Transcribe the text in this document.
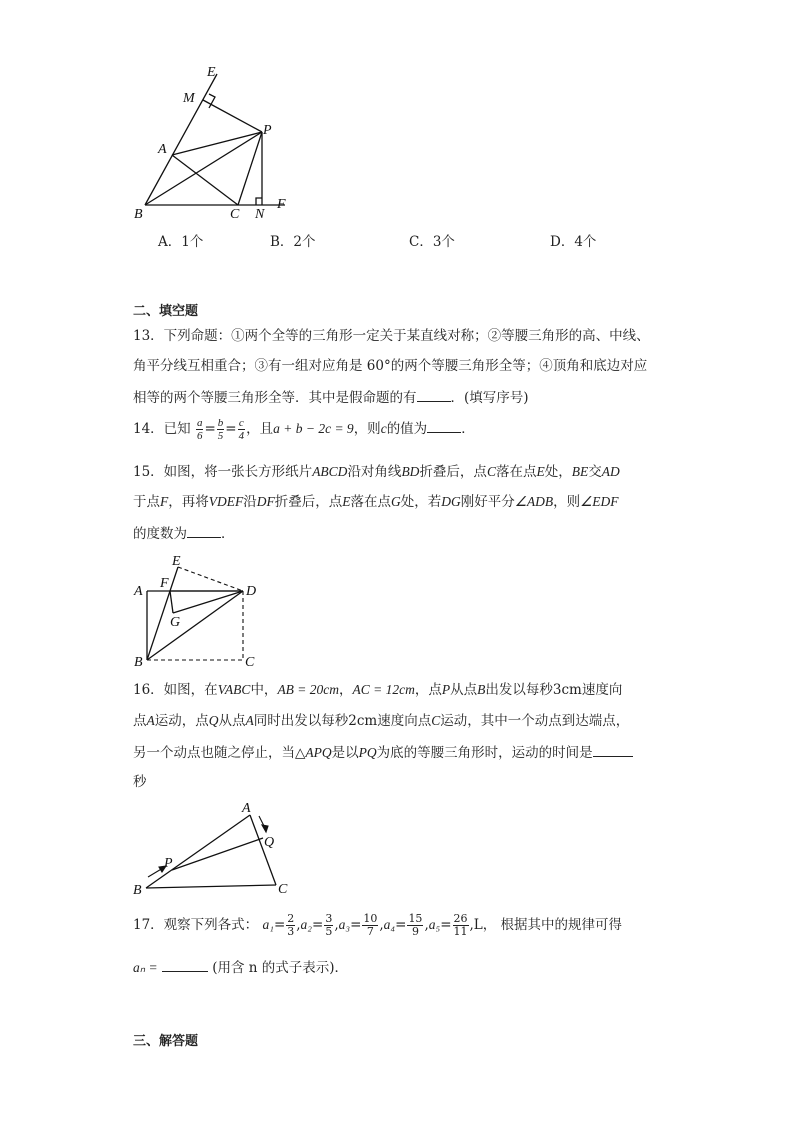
E
M
P
A
B	C N
F
A．1个	B．2个	C．3个	D．4个
二、填空题
13．下列命题：①两个全等的三角形一定关于某直线对称；②等腰三角形的高、中线、
角平分线互相重合；③有一组对应角是 60°的两个等腰三角形全等；④顶角和底边对应
相等的两个等腰三角形全等．其中是假命题的有	．(填写序号)
14．已知 $\frac{a}{6} = \frac{b}{5} = \frac{c}{4}$ ，且a + b − 2c = 9，则c的值为	．
15．如图，将一张长方形纸片ABCD沿对角线BD折叠后，点C落在点E处，BE交AD
于点F，再将VDEF沿DF折叠后，点E落在点G处，若DG刚好平分∠ADB，则∠EDF
的度数为	．
E
A
F
D
G
B	C
16．如图，在VABC中，AB = 20cm，AC = 12cm，点P从点B出发以每秒3cm速度向
点A运动，点Q从点A同时出发以每秒2cm速度向点C运动，其中一个动点到达端点，
另一个动点也随之停止，当△APQ是以PQ为底的等腰三角形时，运动的时间是
秒
A
Q
P
B	C
17．观察下列各式： $a_1= \frac{2}{3} ,a_2= \frac{3}{5} ,a_3= \frac{10}{7} ,a_4= \frac{15}{9} ,a_5= \frac{26}{11} ,L$， 根据其中的规律可得
aₙ =	(用含 n 的式子表示)．
三、解答题
